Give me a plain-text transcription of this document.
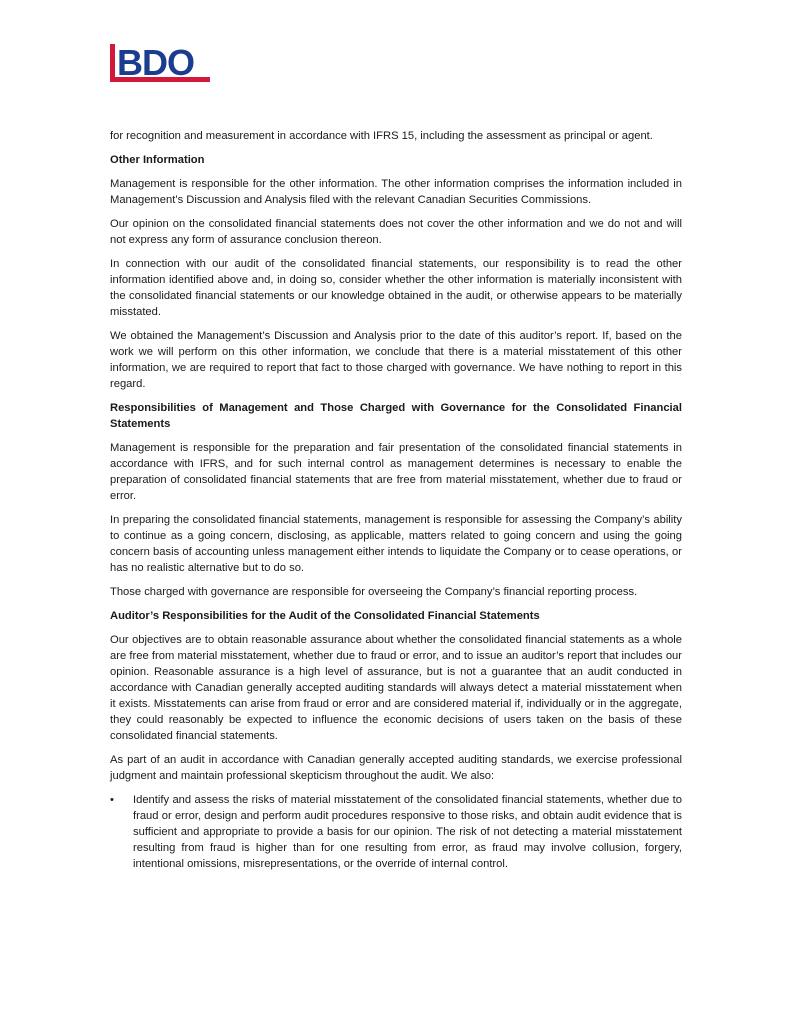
BDO

for recognition and measurement in accordance with IFRS 15, including the assessment as principal or agent.

Other Information

Management is responsible for the other information. The other information comprises the information included in Management’s Discussion and Analysis filed with the relevant Canadian Securities Commissions.

Our opinion on the consolidated financial statements does not cover the other information and we do not and will not express any form of assurance conclusion thereon.

In connection with our audit of the consolidated financial statements, our responsibility is to read the other information identified above and, in doing so, consider whether the other information is materially inconsistent with the consolidated financial statements or our knowledge obtained in the audit, or otherwise appears to be materially misstated.

We obtained the Management’s Discussion and Analysis prior to the date of this auditor’s report. If, based on the work we will perform on this other information, we conclude that there is a material misstatement of this other information, we are required to report that fact to those charged with governance. We have nothing to report in this regard.

Responsibilities of Management and Those Charged with Governance for the Consolidated Financial Statements

Management is responsible for the preparation and fair presentation of the consolidated financial statements in accordance with IFRS, and for such internal control as management determines is necessary to enable the preparation of consolidated financial statements that are free from material misstatement, whether due to fraud or error.

In preparing the consolidated financial statements, management is responsible for assessing the Company’s ability to continue as a going concern, disclosing, as applicable, matters related to going concern and using the going concern basis of accounting unless management either intends to liquidate the Company or to cease operations, or has no realistic alternative but to do so.

Those charged with governance are responsible for overseeing the Company’s financial reporting process.

Auditor’s Responsibilities for the Audit of the Consolidated Financial Statements

Our objectives are to obtain reasonable assurance about whether the consolidated financial statements as a whole are free from material misstatement, whether due to fraud or error, and to issue an auditor’s report that includes our opinion. Reasonable assurance is a high level of assurance, but is not a guarantee that an audit conducted in accordance with Canadian generally accepted auditing standards will always detect a material misstatement when it exists. Misstatements can arise from fraud or error and are considered material if, individually or in the aggregate, they could reasonably be expected to influence the economic decisions of users taken on the basis of these consolidated financial statements.

As part of an audit in accordance with Canadian generally accepted auditing standards, we exercise professional judgment and maintain professional skepticism throughout the audit. We also:

• Identify and assess the risks of material misstatement of the consolidated financial statements, whether due to fraud or error, design and perform audit procedures responsive to those risks, and obtain audit evidence that is sufficient and appropriate to provide a basis for our opinion. The risk of not detecting a material misstatement resulting from fraud is higher than for one resulting from error, as fraud may involve collusion, forgery, intentional omissions, misrepresentations, or the override of internal control.
